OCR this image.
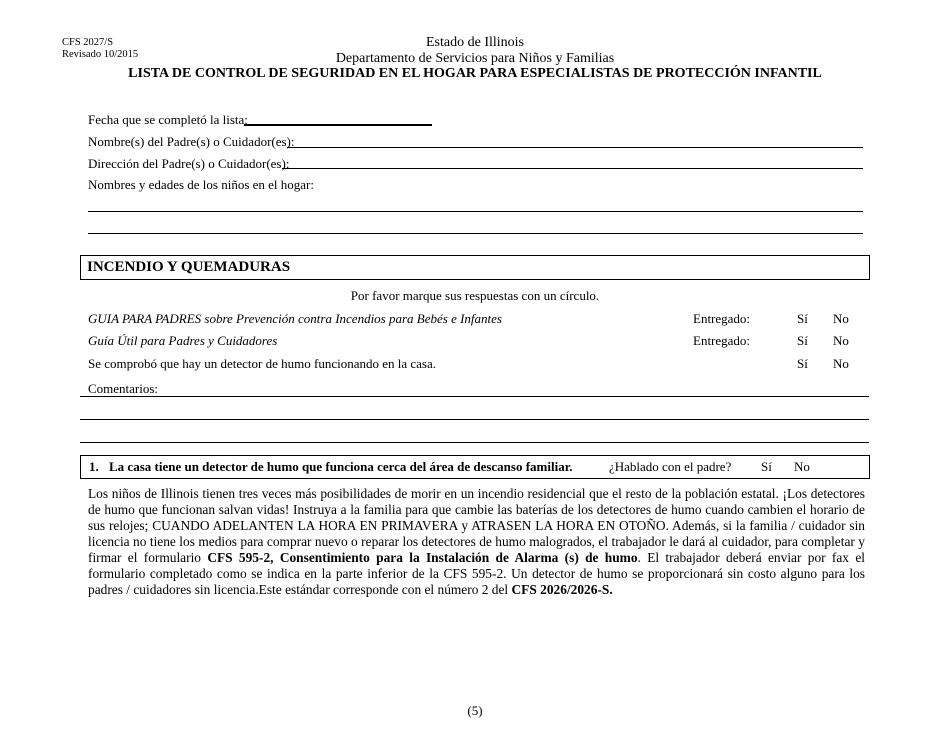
CFS 2027/S
Revisado 10/2015
Estado de Illinois
Departamento de Servicios para Niños y Familias
LISTA DE CONTROL DE SEGURIDAD EN EL HOGAR PARA ESPECIALISTAS DE PROTECCIÓN INFANTIL
Fecha que se completó la lista:
Nombre(s) del Padre(s) o Cuidador(es):
Dirección del Padre(s) o Cuidador(es):
Nombres y edades de los niños en el hogar:
INCENDIO Y QUEMADURAS
Por favor marque sus respuestas con un círculo.
GUIA PARA PADRES sobre Prevención contra Incendios para Bebés e Infantes	Entregado:	Sí No
Guía Útil para Padres y Cuidadores	Entregado:	Sí No
Se comprobó que hay un detector de humo funcionando en la casa.	Sí No
Comentarios:
1. La casa tiene un detector de humo que funciona cerca del área de descanso familiar.	¿Hablado con el padre? Sí No
Los niños de Illinois tienen tres veces más posibilidades de morir en un incendio residencial que el resto de la población estatal. ¡Los detectores de humo que funcionan salvan vidas! Instruya a la familia para que cambie las baterías de los detectores de humo cuando cambien el horario de sus relojes; CUANDO ADELANTEN LA HORA EN PRIMAVERA y ATRASEN LA HORA EN OTOÑO. Además, si la familia / cuidador sin licencia no tiene los medios para comprar nuevo o reparar los detectores de humo malogrados, el trabajador le dará al cuidador, para completar y firmar el formulario CFS 595-2, Consentimiento para la Instalación de Alarma (s) de humo. El trabajador deberá enviar por fax el formulario completado como se indica en la parte inferior de la CFS 595-2. Un detector de humo se proporcionará sin costo alguno para los padres / cuidadores sin licencia.Este estándar corresponde con el número 2 del CFS 2026/2026-S.
(5)
